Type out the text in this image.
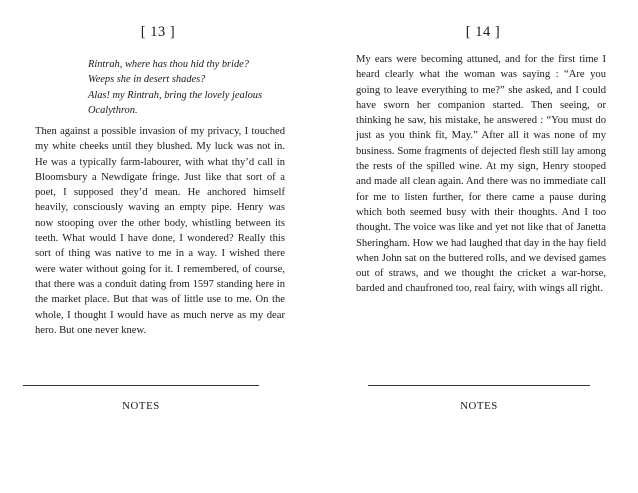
[ 13 ]
Rintrah, where has thou hid thy bride?
Weeps she in desert shades?
Alas! my Rintrah, bring the lovely jealous
Ocalythron.
Then against a possible invasion of my privacy, I touched my white cheeks until they blushed. My luck was not in. He was a typically farm-labourer, with what thy’d call in Bloomsbury a Newdigate fringe. Just like that sort of a poet, I supposed they’d mean. He anchored himself heavily, consciously waving an empty pipe. Henry was now stooping over the other body, whistling between its teeth. What would I have done, I wondered? Really this sort of thing was native to me in a way. I wished there were water without going for it. I remembered, of course, that there was a conduit dating from 1597 standing here in the market place. But that was of little use to me. On the whole, I thought I would have as much nerve as my dear hero. But one never knew.
NOTES
[ 14 ]
My ears were becoming attuned, and for the first time I heard clearly what the woman was saying : “Are you going to leave everything to me?” she asked, and I could have sworn her companion started. Then seeing, or thinking he saw, his mistake, he answered : “You must do just as you think fit, May.” After all it was none of my business. Some fragments of dejected flesh still lay among the rests of the spilled wine. At my sign, Henry stooped and made all clean again. And there was no immediate call for me to listen further, for there came a pause during which both seemed busy with their thoughts. And I too thought. The voice was like and yet not like that of Janetta Sheringham. How we had laughed that day in the hay field when John sat on the buttered rolls, and we devised games out of straws, and we thought the cricket a war-horse, barded and chaufroned too, real fairy, with wings all right.
NOTES
